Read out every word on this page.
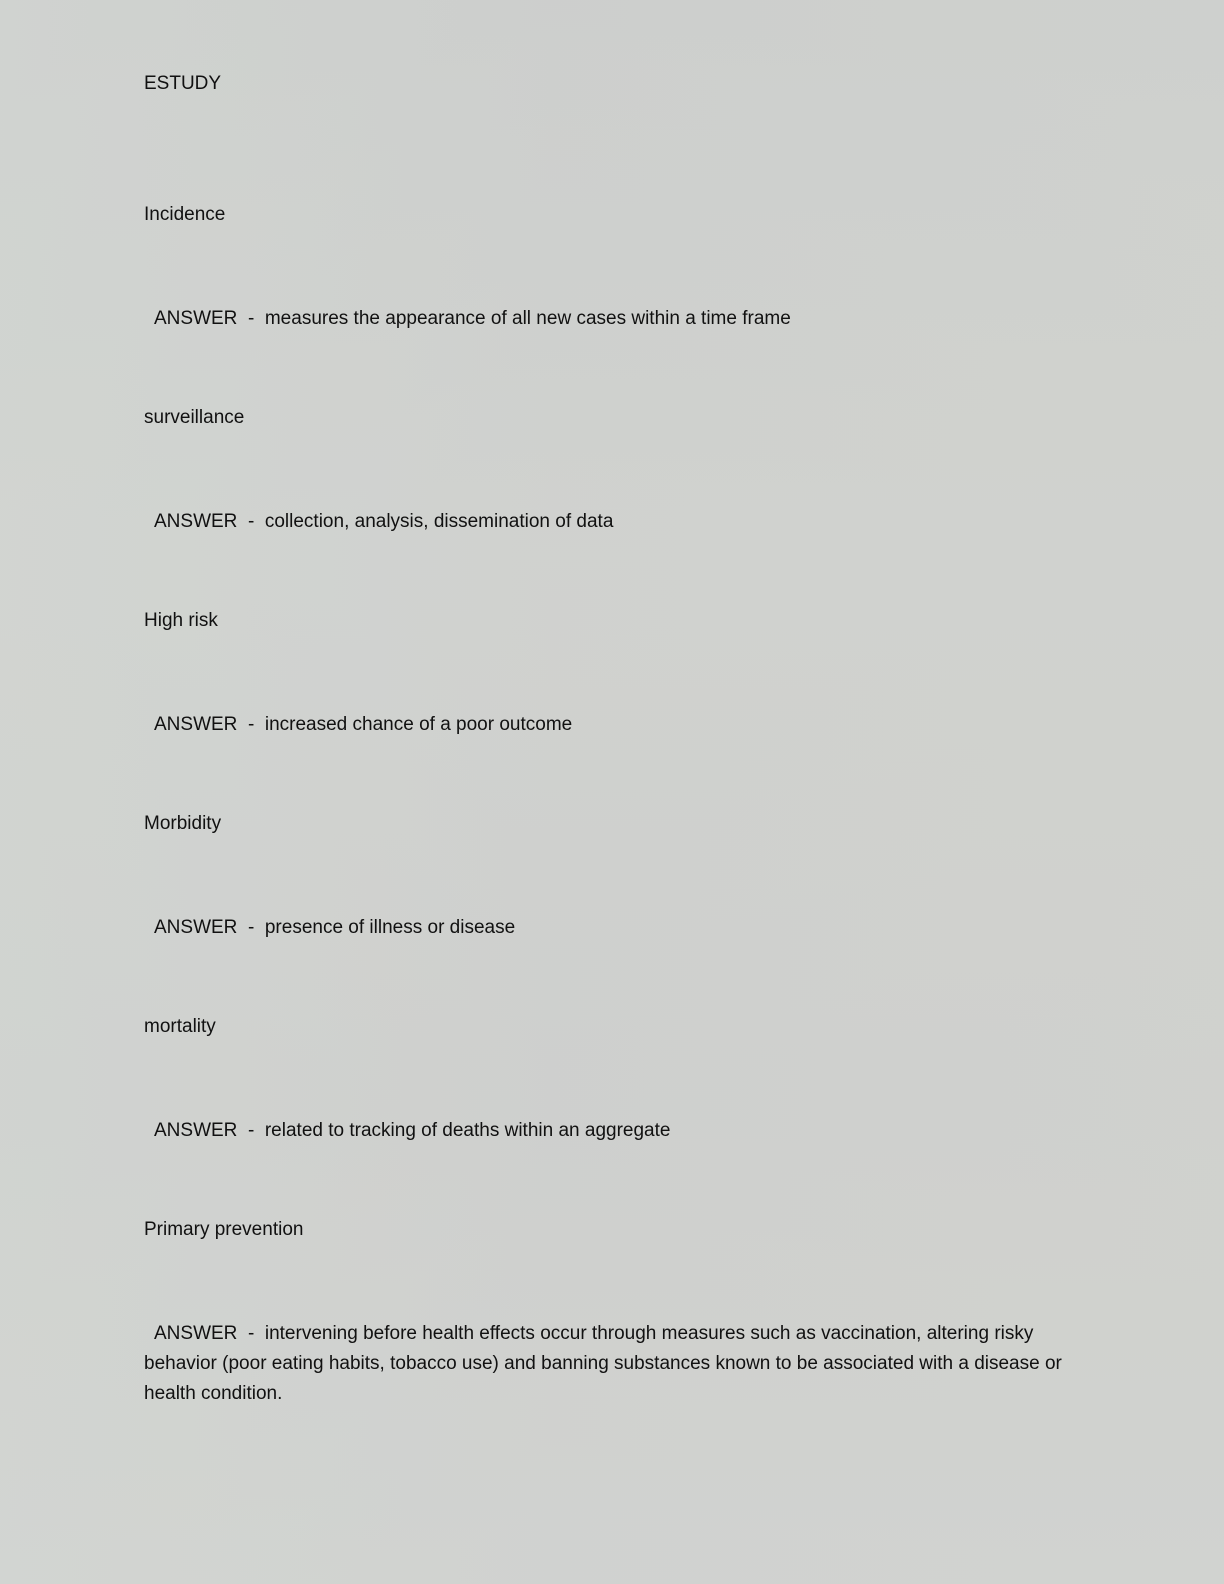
ESTUDY

Incidence

ANSWER  -  measures the appearance of all new cases within a time frame

surveillance

ANSWER  -  collection, analysis, dissemination of data

High risk

ANSWER  -  increased chance of a poor outcome

Morbidity

ANSWER  -  presence of illness or disease

mortality

ANSWER  -  related to tracking of deaths within an aggregate

Primary prevention

ANSWER  -  intervening before health effects occur through measures such as vaccination, altering risky behavior (poor eating habits, tobacco use) and banning substances known to be associated with a disease or health condition.
